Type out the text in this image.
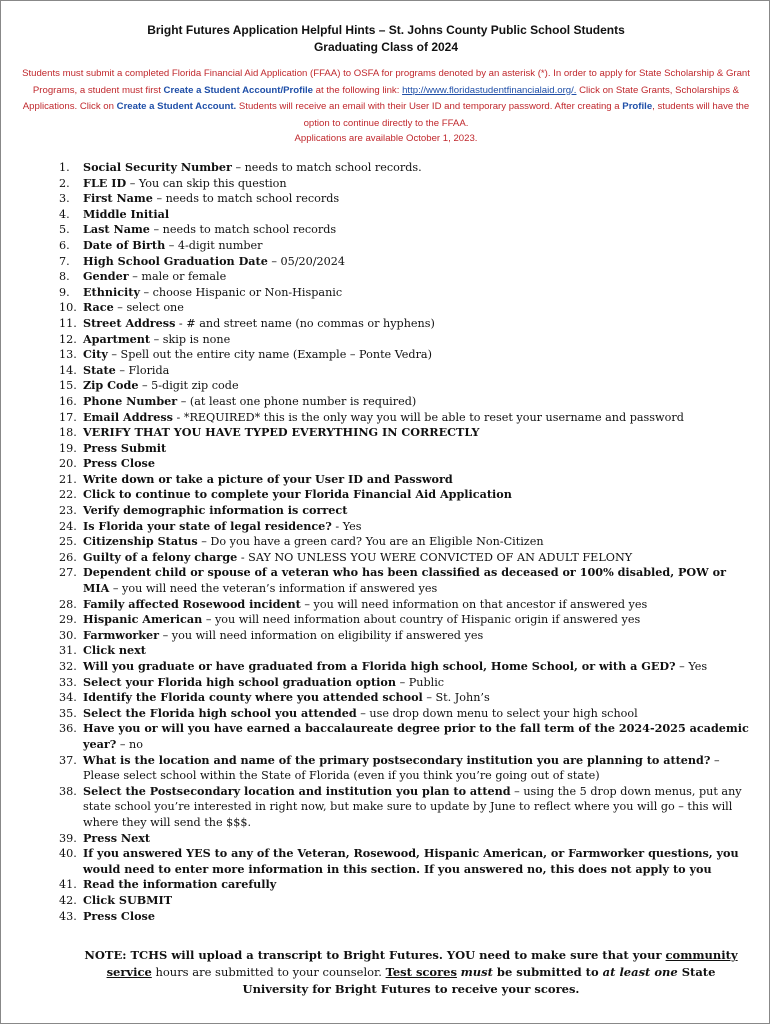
Bright Futures Application Helpful Hints – St. Johns County Public School Students
Graduating Class of 2024
Students must submit a completed Florida Financial Aid Application (FFAA) to OSFA for programs denoted by an asterisk (*). In order to apply for State Scholarship & Grant Programs, a student must first Create a Student Account/Profile at the following link: http://www.floridastudentfinancialaid.org/. Click on State Grants, Scholarships & Applications. Click on Create a Student Account. Students will receive an email with their User ID and temporary password. After creating a Profile, students will have the option to continue directly to the FFAA.
Applications are available October 1, 2023.
1.	Social Security Number – needs to match school records.
2.	FLE ID – You can skip this question
3.	First Name – needs to match school records
4.	Middle Initial
5.	Last Name – needs to match school records
6.	Date of Birth – 4-digit number
7.	High School Graduation Date – 05/20/2024
8.	Gender – male or female
9.	Ethnicity – choose Hispanic or Non-Hispanic
10. Race – select one
11. Street Address - # and street name (no commas or hyphens)
12. Apartment – skip is none
13. City – Spell out the entire city name (Example – Ponte Vedra)
14. State – Florida
15. Zip Code – 5-digit zip code
16. Phone Number – (at least one phone number is required)
17. Email Address - *REQUIRED* this is the only way you will be able to reset your username and password
18. VERIFY THAT YOU HAVE TYPED EVERYTHING IN CORRECTLY
19. Press Submit
20. Press Close
21. Write down or take a picture of your User ID and Password
22. Click to continue to complete your Florida Financial Aid Application
23. Verify demographic information is correct
24. Is Florida your state of legal residence? - Yes
25. Citizenship Status – Do you have a green card? You are an Eligible Non-Citizen
26. Guilty of a felony charge - SAY NO UNLESS YOU WERE CONVICTED OF AN ADULT FELONY
27. Dependent child or spouse of a veteran who has been classified as deceased or 100% disabled, POW or MIA – you will need the veteran’s information if answered yes
28. Family affected Rosewood incident – you will need information on that ancestor if answered yes
29. Hispanic American – you will need information about country of Hispanic origin if answered yes
30. Farmworker – you will need information on eligibility if answered yes
31. Click next
32. Will you graduate or have graduated from a Florida high school, Home School, or with a GED? – Yes
33. Select your Florida high school graduation option – Public
34. Identify the Florida county where you attended school – St. John’s
35. Select the Florida high school you attended – use drop down menu to select your high school
36. Have you or will you have earned a baccalaureate degree prior to the fall term of the 2024-2025 academic year? – no
37. What is the location and name of the primary postsecondary institution you are planning to attend? – Please select school within the State of Florida (even if you think you’re going out of state)
38. Select the Postsecondary location and institution you plan to attend – using the 5 drop down menus, put any state school you’re interested in right now, but make sure to update by June to reflect where you will go – this will where they will send the $$$.
39. Press Next
40. If you answered YES to any of the Veteran, Rosewood, Hispanic American, or Farmworker questions, you would need to enter more information in this section. If you answered no, this does not apply to you
41. Read the information carefully
42. Click SUBMIT
43. Press Close
NOTE: TCHS will upload a transcript to Bright Futures. YOU need to make sure that your community service hours are submitted to your counselor. Test scores must be submitted to at least one State University for Bright Futures to receive your scores.
